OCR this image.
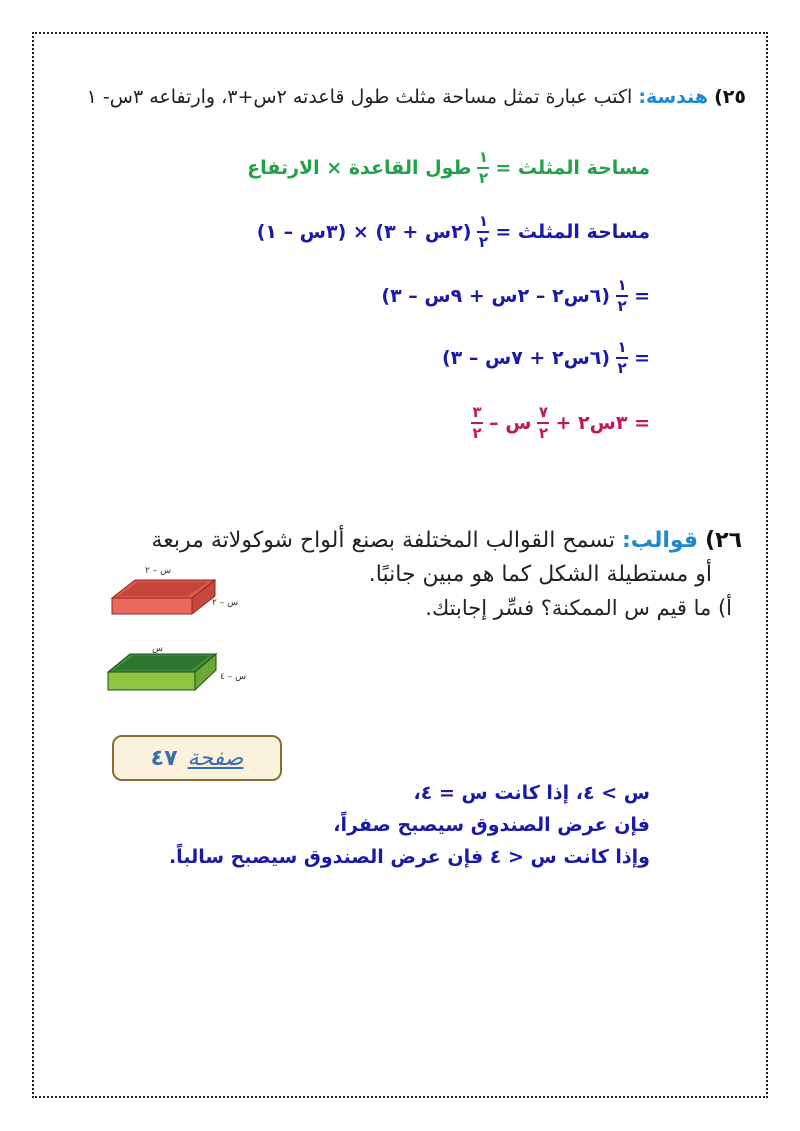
٢٥) هندسة: اكتب عبارة تمثل مساحة مثلث طول قاعدته ٢س+٣، وارتفاعه ٣س- ١
مساحة المثلث =
$\frac{١}{٢}$
طول القاعدة × الارتفاع
مساحة المثلث =
$\frac{١}{٢}$
(٢س + ٣) × (٣س – ١)
=
$\frac{١}{٢}$
(٦س٢ – ٢س + ٩س – ٣)
=
$\frac{١}{٢}$
(٦س٢ + ٧س – ٣)
= ٣س٢ +
$\frac{٧}{٢}$
س –
$\frac{٣}{٢}$
٢٦) قوالب: تسمح القوالب المختلفة بصنع ألواح شوكولاتة مربعة
أو مستطيلة الشكل كما هو مبين جانبًا.
أ) ما قيم س الممكنة؟ فسِّر إجابتك.
س – ٢
س – ٢
س
س – ٤
س > ٤، إذا كانت س = ٤،
فإن عرض الصندوق سيصبح صفراً،
وإذا كانت س < ٤ فإن عرض الصندوق سيصبح سالباً.
صفحة
٤٧
